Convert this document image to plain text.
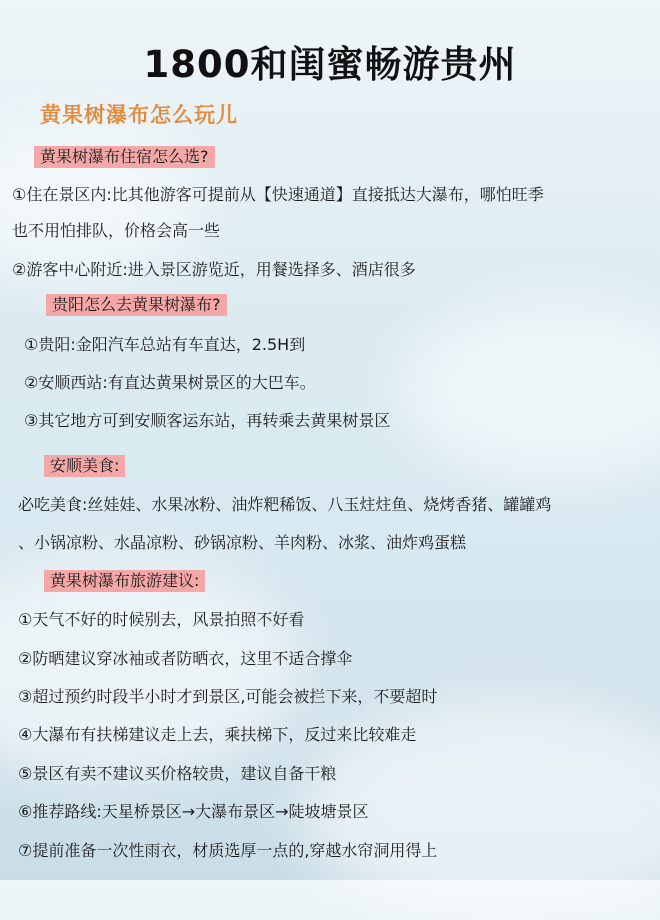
1800和闺蜜畅游贵州
黄果树瀑布怎么玩儿
黄果树瀑布住宿怎么选?
①住在景区内:比其他游客可提前从【快速通道】直接抵达大瀑布，哪怕旺季
也不用怕排队，价格会高一些
②游客中心附近:进入景区游览近，用餐选择多、酒店很多
贵阳怎么去黄果树瀑布?
①贵阳:金阳汽车总站有车直达，2.5H到
②安顺西站:有直达黄果树景区的大巴车。
③其它地方可到安顺客运东站，再转乘去黄果树景区
安顺美食:
必吃美食:丝娃娃、水果冰粉、油炸粑稀饭、八玉炷炷鱼、烧烤香猪、罐罐鸡
、小锅凉粉、水晶凉粉、砂锅凉粉、羊肉粉、冰浆、油炸鸡蛋糕
黄果树瀑布旅游建议:
①天气不好的时候别去，风景拍照不好看
②防晒建议穿冰袖或者防晒衣，这里不适合撑伞
③超过预约时段半小时才到景区,可能会被拦下来，不要超时
④大瀑布有扶梯建议走上去，乘扶梯下，反过来比较难走
⑤景区有卖不建议买价格较贵，建议自备干粮
⑥推荐路线:天星桥景区→大瀑布景区→陡坡塘景区
⑦提前准备一次性雨衣，材质选厚一点的,穿越水帘洞用得上
